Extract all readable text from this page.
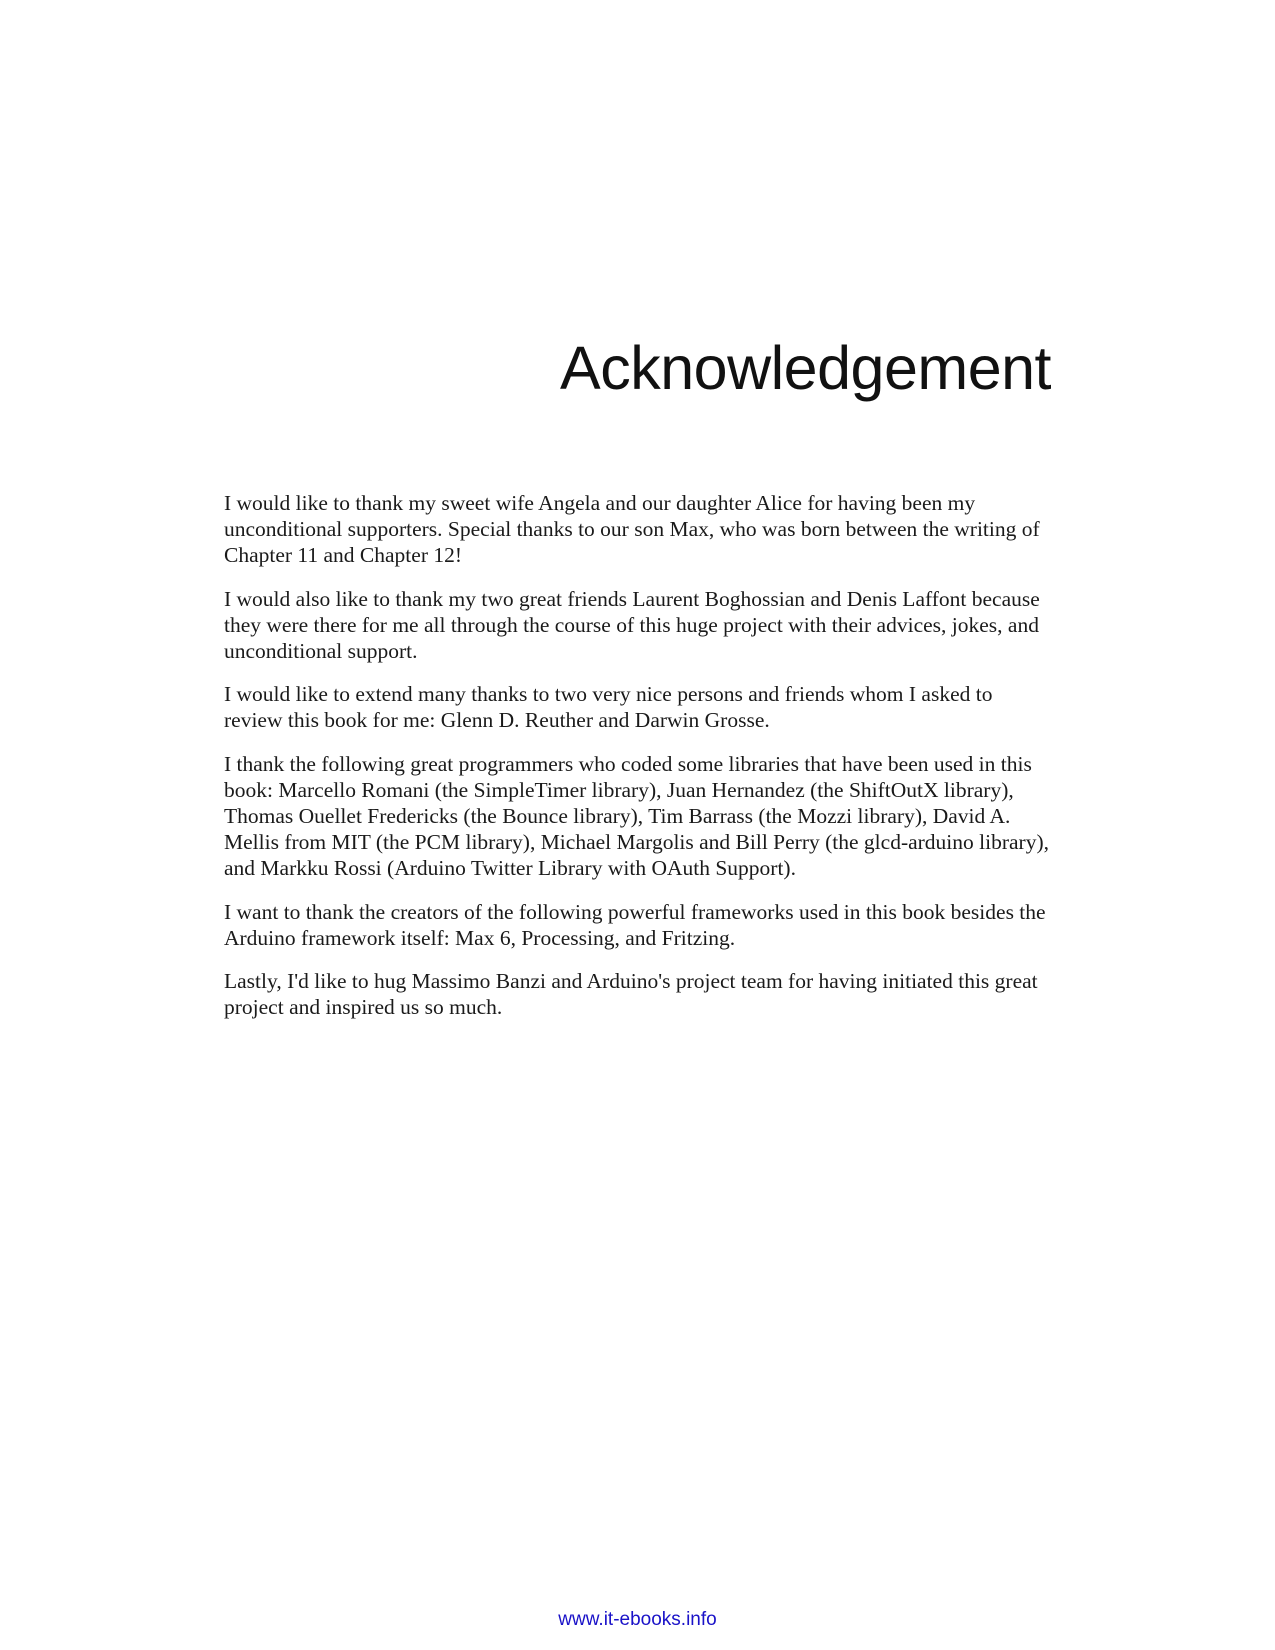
Acknowledgement

I would like to thank my sweet wife Angela and our daughter Alice for having been my unconditional supporters. Special thanks to our son Max, who was born between the writing of Chapter 11 and Chapter 12!

I would also like to thank my two great friends Laurent Boghossian and Denis Laffont because they were there for me all through the course of this huge project with their advices, jokes, and unconditional support.

I would like to extend many thanks to two very nice persons and friends whom I asked to review this book for me: Glenn D. Reuther and Darwin Grosse.

I thank the following great programmers who coded some libraries that have been used in this book: Marcello Romani (the SimpleTimer library), Juan Hernandez (the ShiftOutX library), Thomas Ouellet Fredericks (the Bounce library), Tim Barrass (the Mozzi library), David A. Mellis from MIT (the PCM library), Michael Margolis and Bill Perry (the glcd-arduino library), and Markku Rossi (Arduino Twitter Library with OAuth Support).

I want to thank the creators of the following powerful frameworks used in this book besides the Arduino framework itself: Max 6, Processing, and Fritzing.

Lastly, I'd like to hug Massimo Banzi and Arduino's project team for having initiated this great project and inspired us so much.

www.it-ebooks.info
